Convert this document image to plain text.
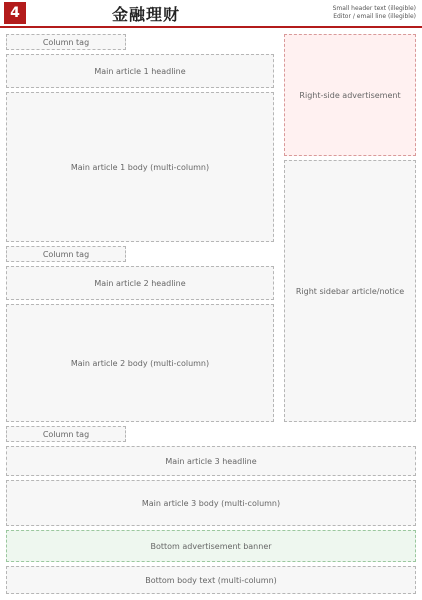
4	金融理财	Small header text (illegible)
Editor / email line (illegible)
Column tag
Main article 1 headline
Main article 1 body (multi-column)
Right-side advertisement
Column tag
Main article 2 headline
Main article 2 body (multi-column)
Right sidebar article/notice
Column tag
Main article 3 headline
Main article 3 body (multi-column)
Bottom advertisement banner
Bottom body text (multi-column)
